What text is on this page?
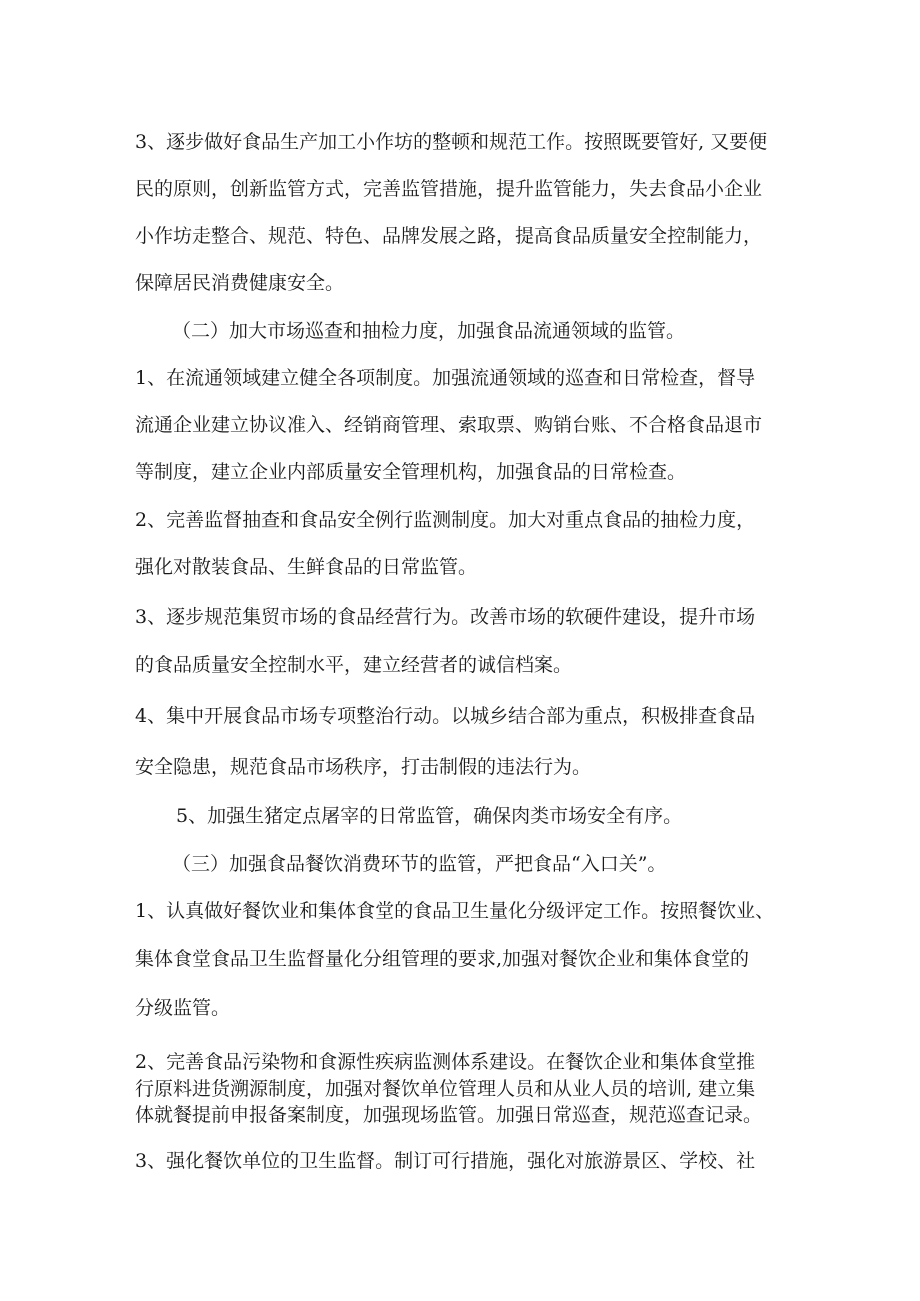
3、逐步做好食品生产加工小作坊的整顿和规范工作。按照既要管好, 又要便
民的原则，创新监管方式，完善监管措施，提升监管能力，失去食品小企业
小作坊走整合、规范、特色、品牌发展之路，提高食品质量安全控制能力，
保障居民消费健康安全。
（二）加大市场巡查和抽检力度，加强食品流通领域的监管。
1、在流通领域建立健全各项制度。加强流通领域的巡查和日常检查，督导
流通企业建立协议准入、经销商管理、索取票、购销台账、不合格食品退市
等制度，建立企业内部质量安全管理机构，加强食品的日常检查。
2、完善监督抽查和食品安全例行监测制度。加大对重点食品的抽检力度，
强化对散装食品、生鲜食品的日常监管。
3、逐步规范集贸市场的食品经营行为。改善市场的软硬件建设，提升市场
的食品质量安全控制水平，建立经营者的诚信档案。
4、集中开展食品市场专项整治行动。以城乡结合部为重点，积极排查食品
安全隐患，规范食品市场秩序，打击制假的违法行为。
5、加强生猪定点屠宰的日常监管，确保肉类市场安全有序。
（三）加强食品餐饮消费环节的监管，严把食品“入口关”。
1、认真做好餐饮业和集体食堂的食品卫生量化分级评定工作。按照餐饮业、
集体食堂食品卫生监督量化分组管理的要求,加强对餐饮企业和集体食堂的
分级监管。
2、完善食品污染物和食源性疾病监测体系建设。在餐饮企业和集体食堂推
行原料进货溯源制度，加强对餐饮单位管理人员和从业人员的培训, 建立集
体就餐提前申报备案制度，加强现场监管。加强日常巡查，规范巡查记录。
3、强化餐饮单位的卫生监督。制订可行措施，强化对旅游景区、学校、社
